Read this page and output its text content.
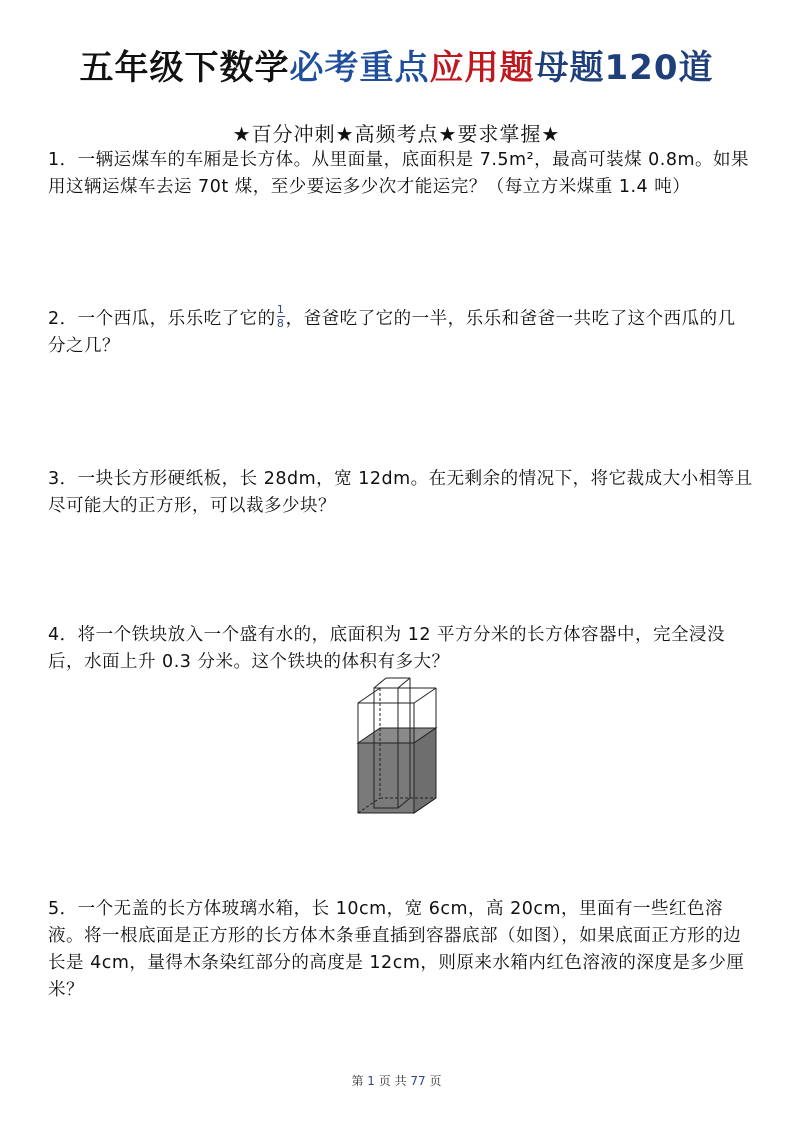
五年级下数学必考重点应用题母题120道
★百分冲刺★高频考点★要求掌握★
1．一辆运煤车的车厢是长方体。从里面量，底面积是 7.5m²，最高可装煤 0.8m。如果用这辆运煤车去运 70t 煤，至少要运多少次才能运完？（每立方米煤重 1.4 吨）
2．一个西瓜，乐乐吃了它的 $\frac{1}{8}$ ，爸爸吃了它的一半，乐乐和爸爸一共吃了这个西瓜的几分之几？
3．一块长方形硬纸板，长 28dm，宽 12dm。在无剩余的情况下，将它裁成大小相等且尽可能大的正方形，可以裁多少块？
4．将一个铁块放入一个盛有水的，底面积为 12 平方分米的长方体容器中，完全浸没后，水面上升 0.3 分米。这个铁块的体积有多大？
5．一个无盖的长方体玻璃水箱，长 10cm，宽 6cm，高 20cm，里面有一些红色溶液。将一根底面是正方形的长方体木条垂直插到容器底部（如图），如果底面正方形的边长是 4cm，量得木条染红部分的高度是 12cm，则原来水箱内红色溶液的深度是多少厘米？
第 1 页 共 77 页
